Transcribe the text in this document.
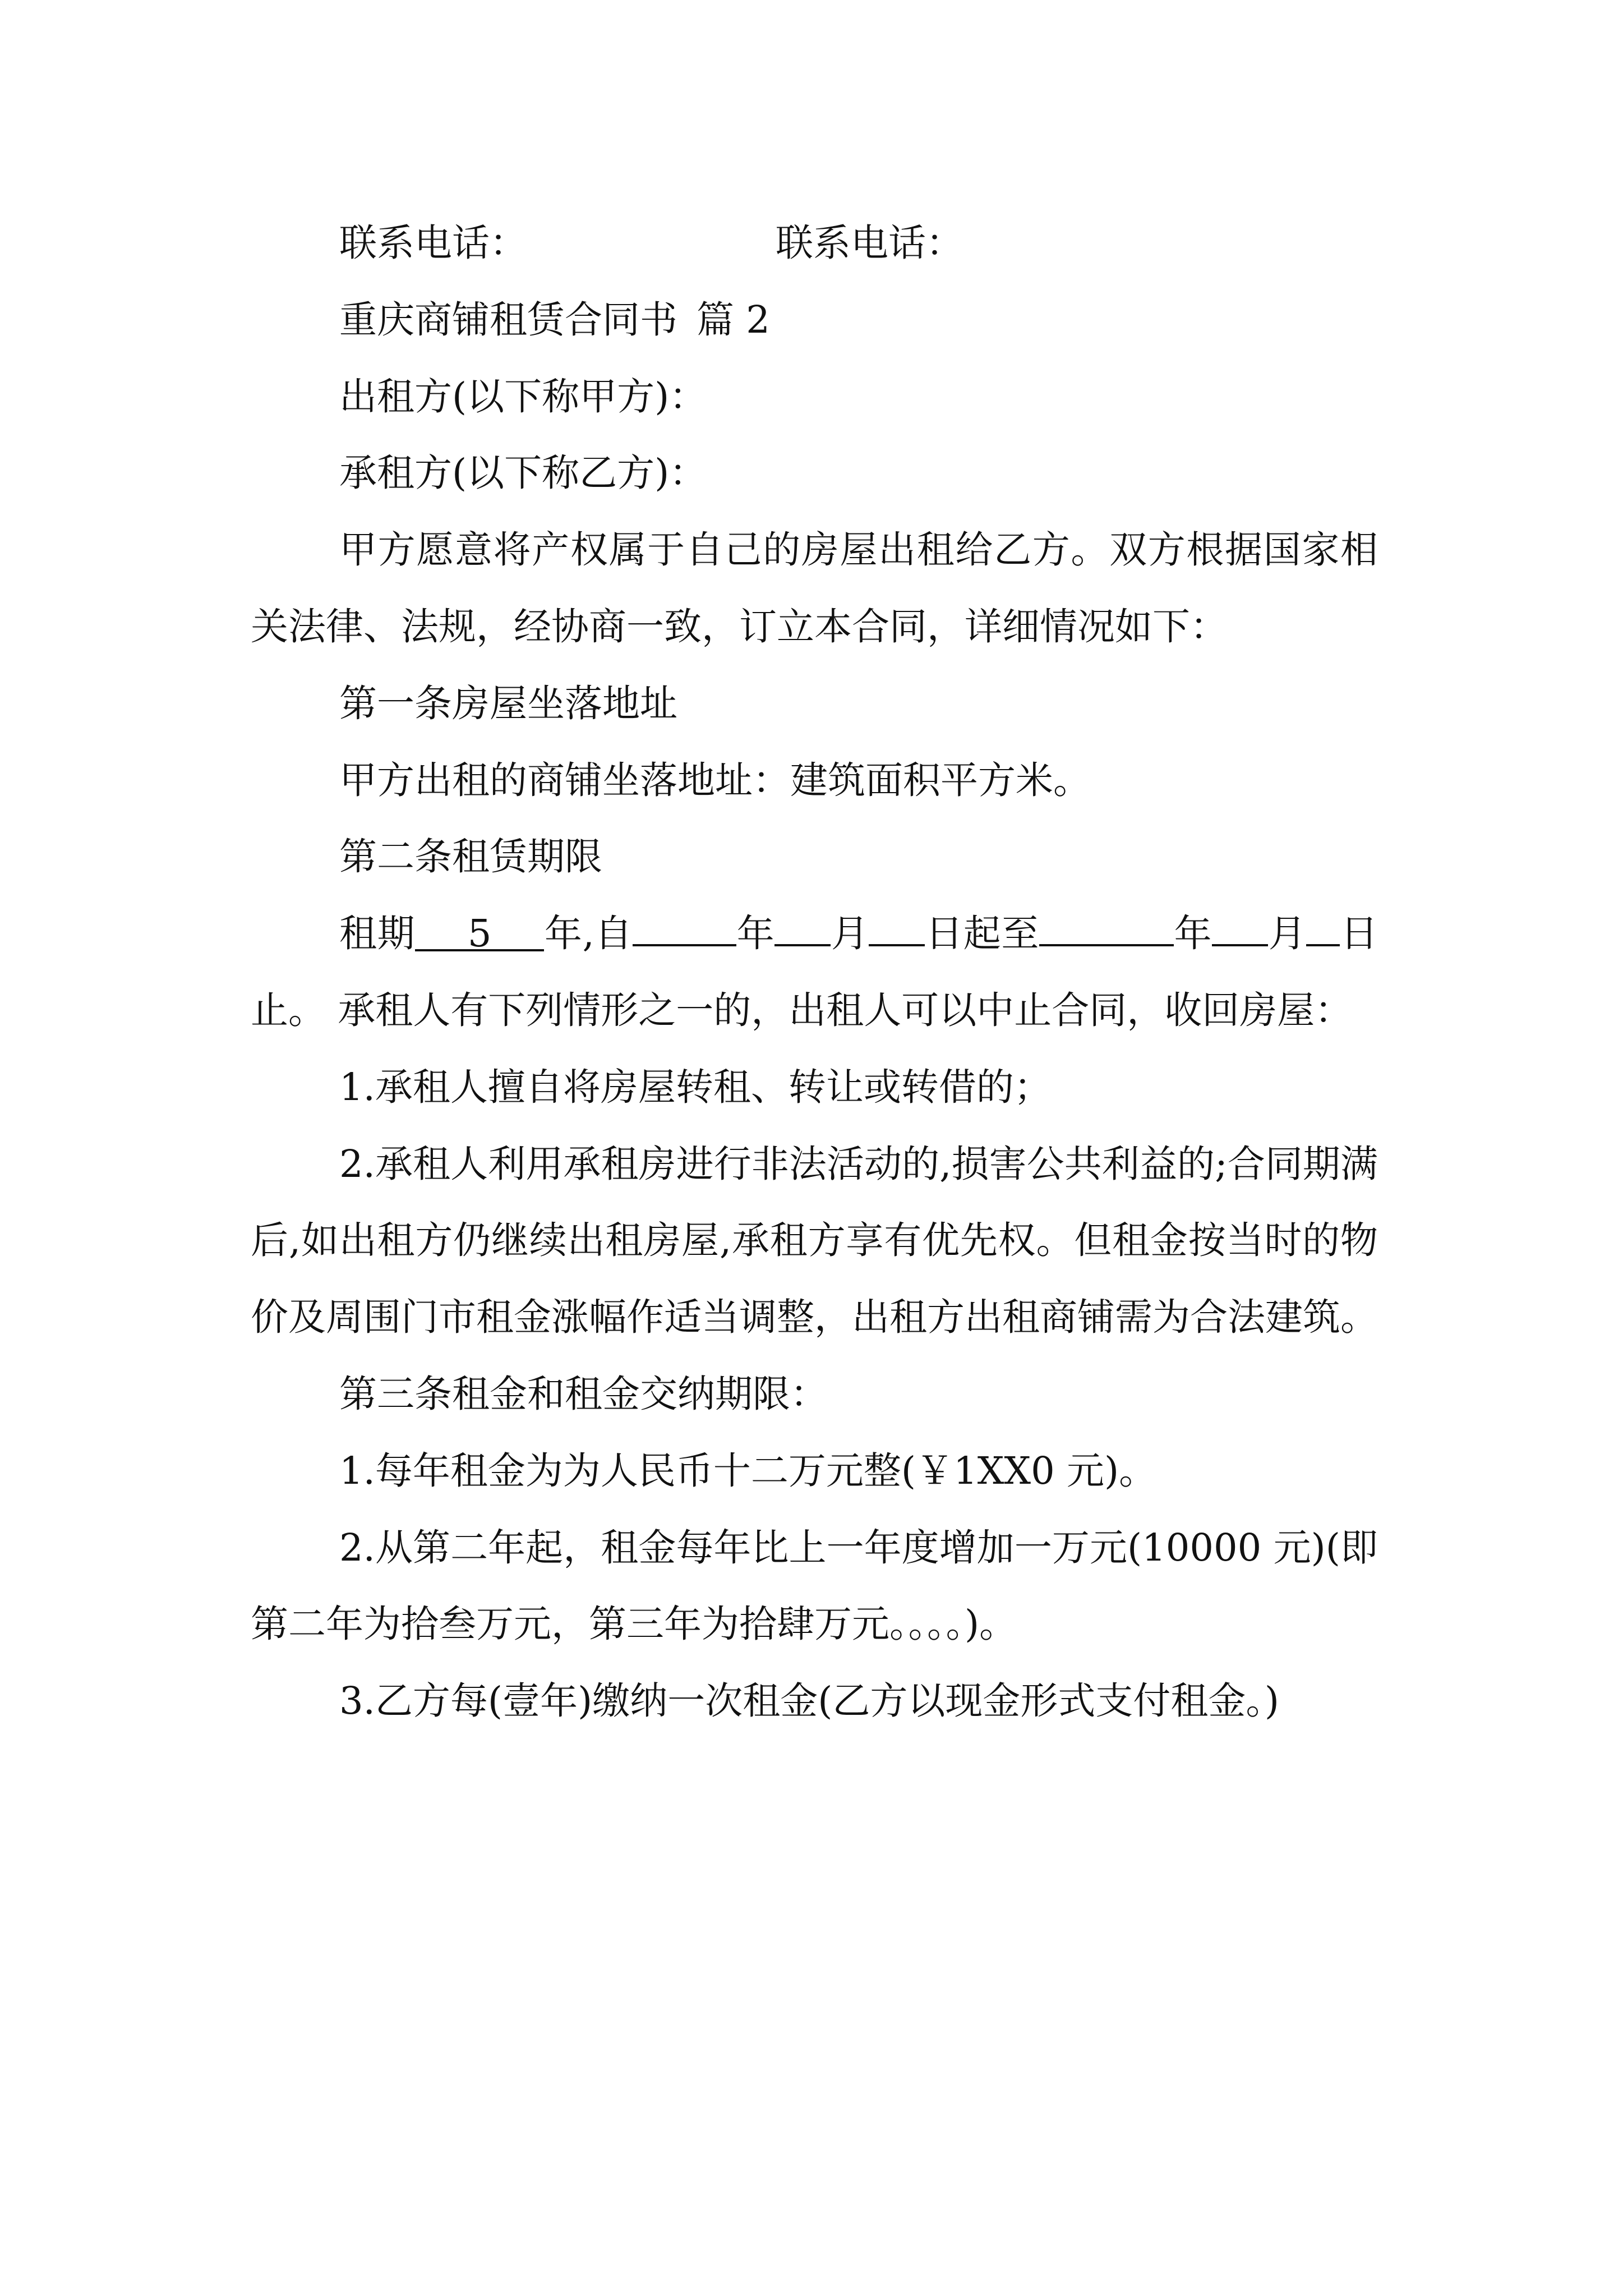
联系电话：	联系电话：
重庆商铺租赁合同书 篇 2

出租方(以下称甲方)：

承租方(以下称乙方)：

甲方愿意将产权属于自己的房屋出租给乙方。双方根据国家相关法律、法规，经协商一致，订立本合同，详细情况如下：

第一条房屋坐落地址

甲方出租的商铺坐落地址：建筑面积平方米。

第二条租赁期限

租期 5 年,自	年 月 日起至	年 月 日止。 承租人有下列情形之一的，出租人可以中止合同，收回房屋：

1.承租人擅自将房屋转租、转让或转借的；

2.承租人利用承租房进行非法活动的,损害公共利益的;合同期满后,如出租方仍继续出租房屋,承租方享有优先权。但租金按当时的物价及周围门市租金涨幅作适当调整，出租方出租商铺需为合法建筑。

第三条租金和租金交纳期限：

1.每年租金为为人民币十二万元整(￥1XX0 元)。

2.从第二年起，租金每年比上一年度增加一万元(10000 元)(即第二年为拾叁万元，第三年为拾肆万元。。。。)。

3.乙方每(壹年)缴纳一次租金(乙方以现金形式支付租金。)
